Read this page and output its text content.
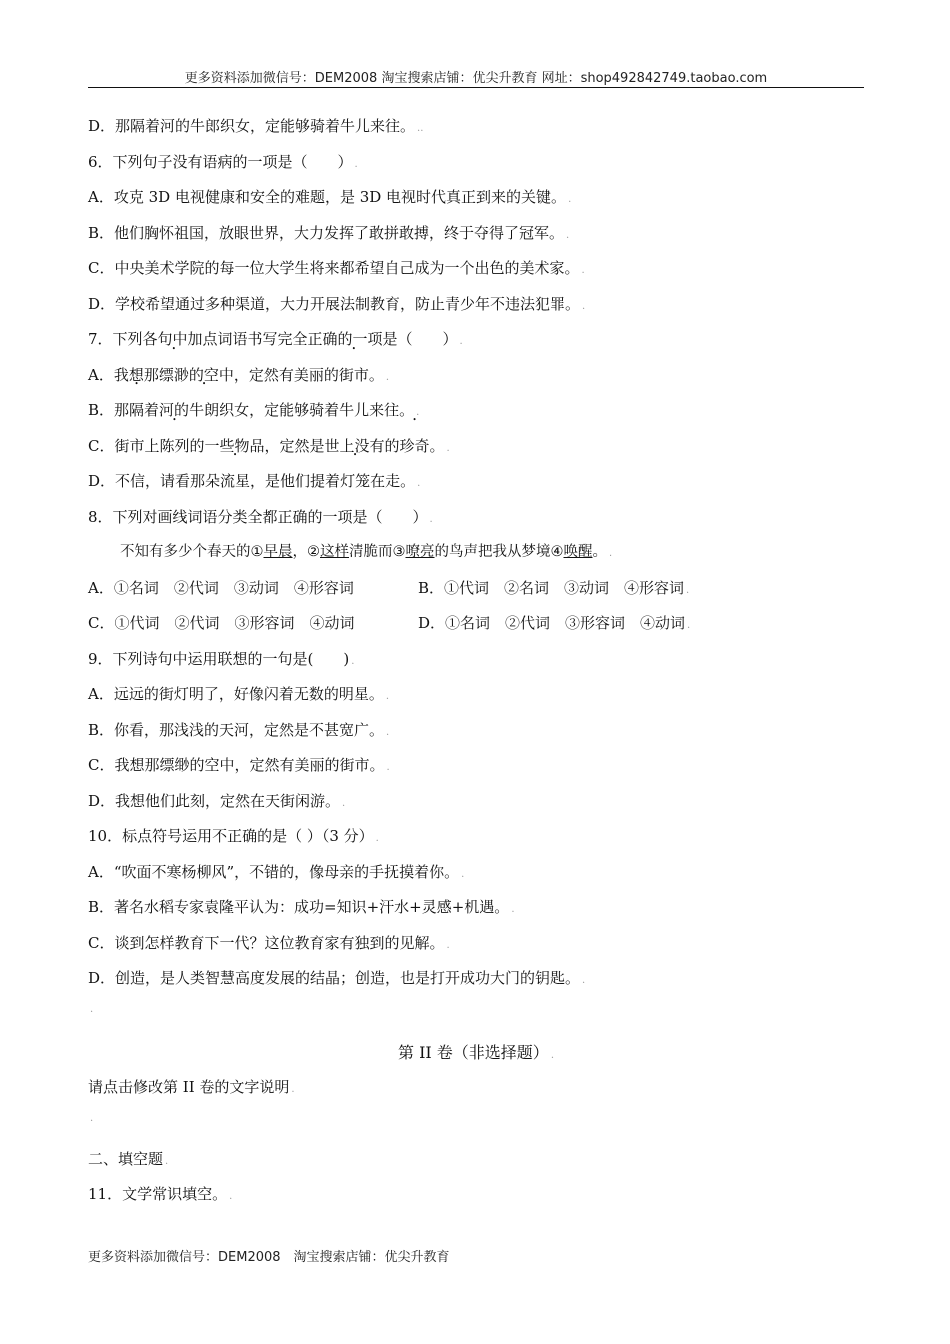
更多资料添加微信号：DEM2008 淘宝搜索店铺：优尖升教育 网址：shop492842749.taobao.com
D．那隔着河的牛郎织女，定能够骑着牛儿来往。 ..
6．下列句子没有语病的一项是（　　） .
A．攻克 3D 电视健康和安全的难题，是 3D 电视时代真正到来的关键。 .
B．他们胸怀祖国，放眼世界，大力发挥了敢拼敢搏，终于夺得了冠军。 .
C．中央美术学院的每一位大学生将来都希望自己成为一个出色的美术家。 .
D．学校希望通过多种渠道，大力开展法制教育，防止青少年不违法犯罪。 .
7．下列各句中加点词语书写完全正确的一项是（　　） .
A．我想那缥渺的空中，定然有美丽的街市。 .
B．那隔着河的牛朗织女，定能够骑着牛儿来往。 .
C．街市上陈列的一些物品，定然是世上没有的珍奇。 .
D．不信，请看那朵流星，是他们提着灯笼在走。 .
8．下列对画线词语分类全都正确的一项是（　　） .
不知有多少个春天的①早晨，②这样清脆而③嘹亮的鸟声把我从梦境④唤醒。 .
A．①名词　②代词　③动词　④形容词	B．①代词　②名词　③动词　④形容词 .
C．①代词　②代词　③形容词　④动词	D．①名词　②代词　③形容词　④动词 .
9．下列诗句中运用联想的一句是(　　) .
A．远远的街灯明了，好像闪着无数的明星。 .
B．你看，那浅浅的天河，定然是不甚宽广。 .
C．我想那缥缈的空中，定然有美丽的街市。 .
D．我想他们此刻，定然在天街闲游。 .
10．标点符号运用不正确的是（ ）（3 分） .
A．“吹面不寒杨柳风”，不错的，像母亲的手抚摸着你。 .
B．著名水稻专家袁隆平认为：成功=知识+汗水+灵感+机遇。 .
C．谈到怎样教育下一代？这位教育家有独到的见解。 .
D．创造，是人类智慧高度发展的结晶；创造，也是打开成功大门的钥匙。 .
.
第 II 卷（非选择题） .
请点击修改第 II 卷的文字说明 .
.
二、填空题 .
11．文学常识填空。 .
更多资料添加微信号：DEM2008　淘宝搜索店铺：优尖升教育
